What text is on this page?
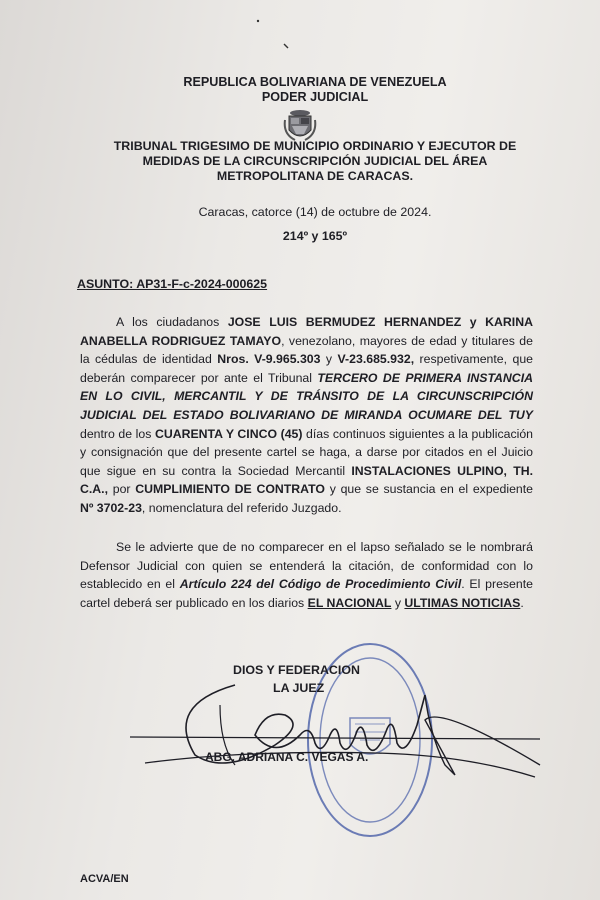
REPUBLICA BOLIVARIANA DE VENEZUELA
PODER JUDICIAL
TRIBUNAL TRIGESIMO DE MUNICIPIO ORDINARIO Y EJECUTOR DE
MEDIDAS DE LA CIRCUNSCRIPCIÓN JUDICIAL DEL ÁREA
METROPOLITANA DE CARACAS.
Caracas, catorce (14) de octubre de 2024.
214º y 165º
ASUNTO: AP31-F-c-2024-000625
A los ciudadanos JOSE LUIS BERMUDEZ HERNANDEZ y KARINA ANABELLA RODRIGUEZ TAMAYO, venezolano, mayores de edad y titulares de la cédulas de identidad Nros. V-9.965.303 y V-23.685.932, respetivamente, que deberán comparecer por ante el Tribunal TERCERO DE PRIMERA INSTANCIA EN LO CIVIL, MERCANTIL Y DE TRÁNSITO DE LA CIRCUNSCRIPCIÓN JUDICIAL DEL ESTADO BOLIVARIANO DE MIRANDA OCUMARE DEL TUY dentro de los CUARENTA Y CINCO (45) días continuos siguientes a la publicación y consignación que del presente cartel se haga, a darse por citados en el Juicio que sigue en su contra la Sociedad Mercantil INSTALACIONES ULPINO, TH. C.A., por CUMPLIMIENTO DE CONTRATO y que se sustancia en el expediente Nº 3702-23, nomenclatura del referido Juzgado.
Se le advierte que de no comparecer en el lapso señalado se le nombrará Defensor Judicial con quien se entenderá la citación, de conformidad con lo establecido en el Artículo 224 del Código de Procedimiento Civil. El presente cartel deberá ser publicado en los diarios EL NACIONAL y ULTIMAS NOTICIAS.
DIOS Y FEDERACION
LA JUEZ
ABG. ADRIANA C. VEGAS A.
ACVA/EN
